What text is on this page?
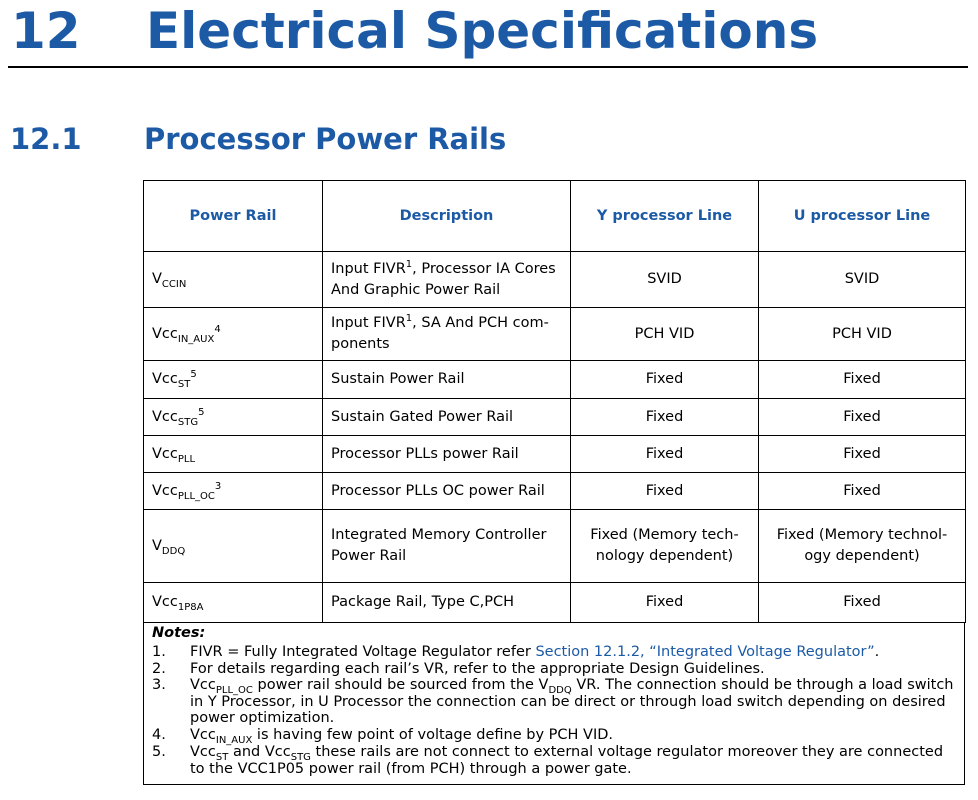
12 Electrical Specifications
12.1 Processor Power Rails
Power Rail	Description	Y processor Line	U processor Line
$V_{CCIN}$	Input FIVR$^1$, Processor IA Cores And Graphic Power Rail	SVID	SVID
Vcc$_{IN\_AUX}^4$	Input FIVR$^1$, SA And PCH com-ponents	PCH VID	PCH VID
Vcc$_{ST}^5$	Sustain Power Rail	Fixed	Fixed
Vcc$_{STG}^5$	Sustain Gated Power Rail	Fixed	Fixed
Vcc$_{PLL}$	Processor PLLs power Rail	Fixed	Fixed
Vcc$_{PLL\_OC}^3$	Processor PLLs OC power Rail	Fixed	Fixed
$V_{DDQ}$	Integrated Memory Controller Power Rail	Fixed (Memory tech-nology dependent)	Fixed (Memory technol-ogy dependent)
Vcc$_{1P8A}$	Package Rail, Type C,PCH	Fixed	Fixed
Notes:
1. FIVR = Fully Integrated Voltage Regulator refer Section 12.1.2, “Integrated Voltage Regulator”.
2. For details regarding each rail’s VR, refer to the appropriate Design Guidelines.
3. Vcc$_{PLL\_OC}$ power rail should be sourced from the $V_{DDQ}$ VR. The connection should be through a load switch in Y Processor, in U Processor the connection can be direct or through load switch depending on desired power optimization.
4. Vcc$_{IN\_AUX}$ is having few point of voltage define by PCH VID.
5. Vcc$_{ST}$ and Vcc$_{STG}$ these rails are not connect to external voltage regulator moreover they are connected to the VCC1P05 power rail (from PCH) through a power gate.
